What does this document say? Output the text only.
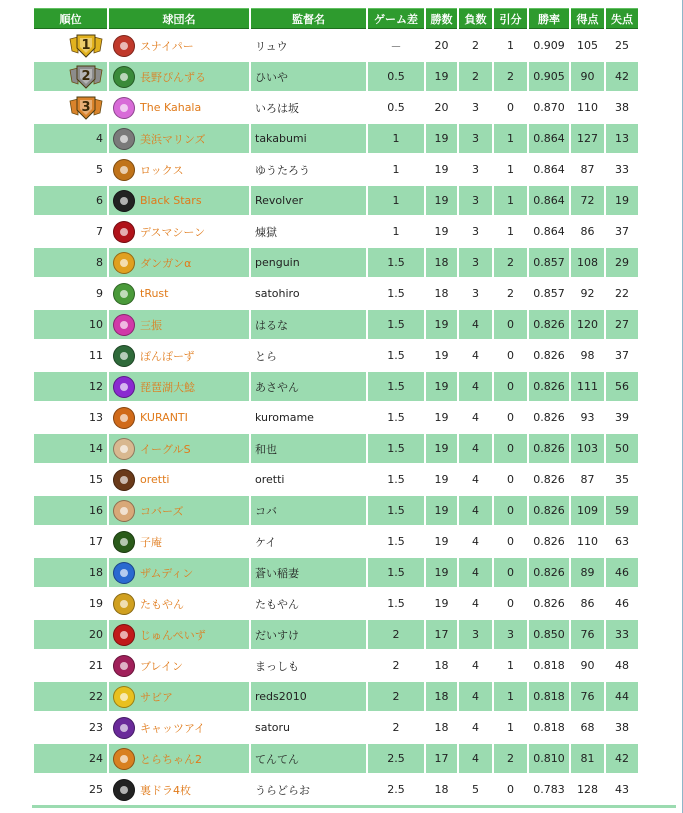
順位	球団名	監督名	ゲーム差	勝数	負数	引分	勝率	得点	失点

1	スナイパー	リュウ	－	20	2	1	0.909	105	25

2	長野ぴんずる	ひいや	0.5	19	2	2	0.905	90	42

3	The Kahala	いろは坂	0.5	20	3	0	0.870	110	38
4	美浜マリンズ	takabumi	1	19	3	1	0.864	127	13
5	ロックス	ゆうたろう	1	19	3	1	0.864	87	33
6	Black Stars	Revolver	1	19	3	1	0.864	72	19
7	デスマシーン	煉獄	1	19	3	1	0.864	86	37
8	ダンガンα	penguin	1.5	18	3	2	0.857	108	29
9	tRust	satohiro	1.5	18	3	2	0.857	92	22
10	三振	はるな	1.5	19	4	0	0.826	120	27
11	ぽんぽーず	とら	1.5	19	4	0	0.826	98	37
12	琵琶湖大鯰	あさやん	1.5	19	4	0	0.826	111	56
13	KURANTI	kuromame	1.5	19	4	0	0.826	93	39
14	イーグルS	和也	1.5	19	4	0	0.826	103	50
15	oretti	oretti	1.5	19	4	0	0.826	87	35
16	コバーズ	コバ	1.5	19	4	0	0.826	109	59
17	子庵	ケイ	1.5	19	4	0	0.826	110	63
18	ザムディン	蒼い稲妻	1.5	19	4	0	0.826	89	46
19	たもやん	たもやん	1.5	19	4	0	0.826	86	46
20	じゅんぺいず	だいすけ	2	17	3	3	0.850	76	33
21	ブレイン	まっしも	2	18	4	1	0.818	90	48
22	サビア	reds2010	2	18	4	1	0.818	76	44
23	キャッツアイ	satoru	2	18	4	1	0.818	68	38
24	とらちゃん2	てんてん	2.5	17	4	2	0.810	81	42
25	裏ドラ4枚	うらどらお	2.5	18	5	0	0.783	128	43
